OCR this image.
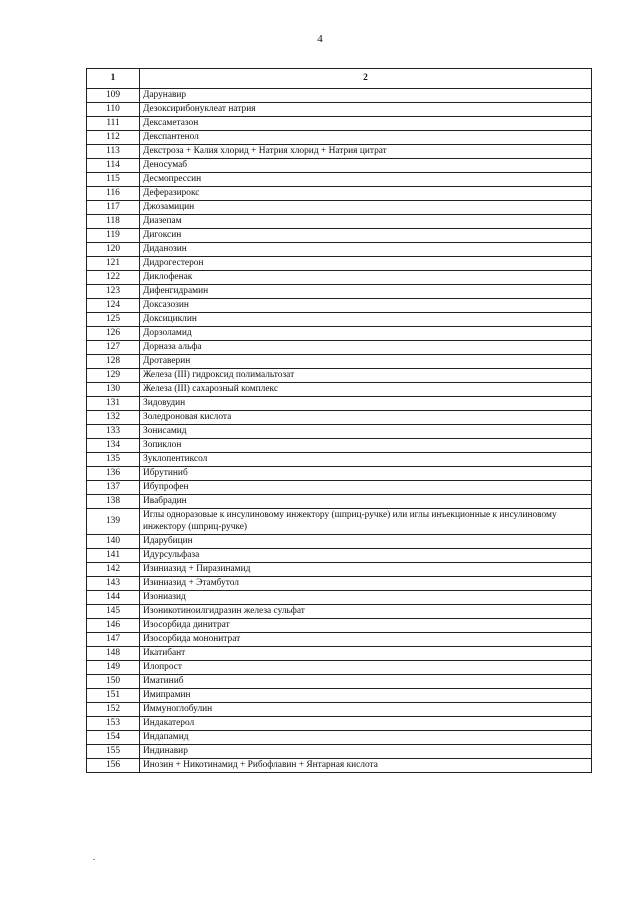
4
1	2
109	Дарунавир
110	Дезоксирибонуклеат натрия
111	Дексаметазон
112	Декспантенол
113	Декстроза + Калия хлорид + Натрия хлорид + Натрия цитрат
114	Деносумаб
115	Десмопрессин
116	Деферазирокс
117	Джозамицин
118	Диазепам
119	Дигоксин
120	Диданозин
121	Дидрогестерон
122	Диклофенак
123	Дифенгидрамин
124	Доксазозин
125	Доксициклин
126	Дорзоламид
127	Дорназа альфа
128	Дротаверин
129	Железа (III) гидроксид полимальтозат
130	Железа (III) сахарозный комплекс
131	Зидовудин
132	Золедроновая кислота
133	Зонисамид
134	Зопиклон
135	Зуклопентиксол
136	Ибрутиниб
137	Ибупрофен
138	Ивабрадин
139	Иглы одноразовые к инсулиновому инжектору (шприц-ручке) или иглы инъекционные к инсулиновому инжектору (шприц-ручке)
140	Идарубицин
141	Идурсульфаза
142	Изиниазид + Пиразинамид
143	Изиниазид + Этамбутол
144	Изониазид
145	Изоникотиноилгидразин железа сульфат
146	Изосорбида динитрат
147	Изосорбида мононитрат
148	Икатибант
149	Илопрост
150	Иматиниб
151	Имипрамин
152	Иммуноглобулин
153	Индакатерол
154	Индапамид
155	Индинавир
156	Инозин + Никотинамид + Рибофлавин + Янтарная кислота
